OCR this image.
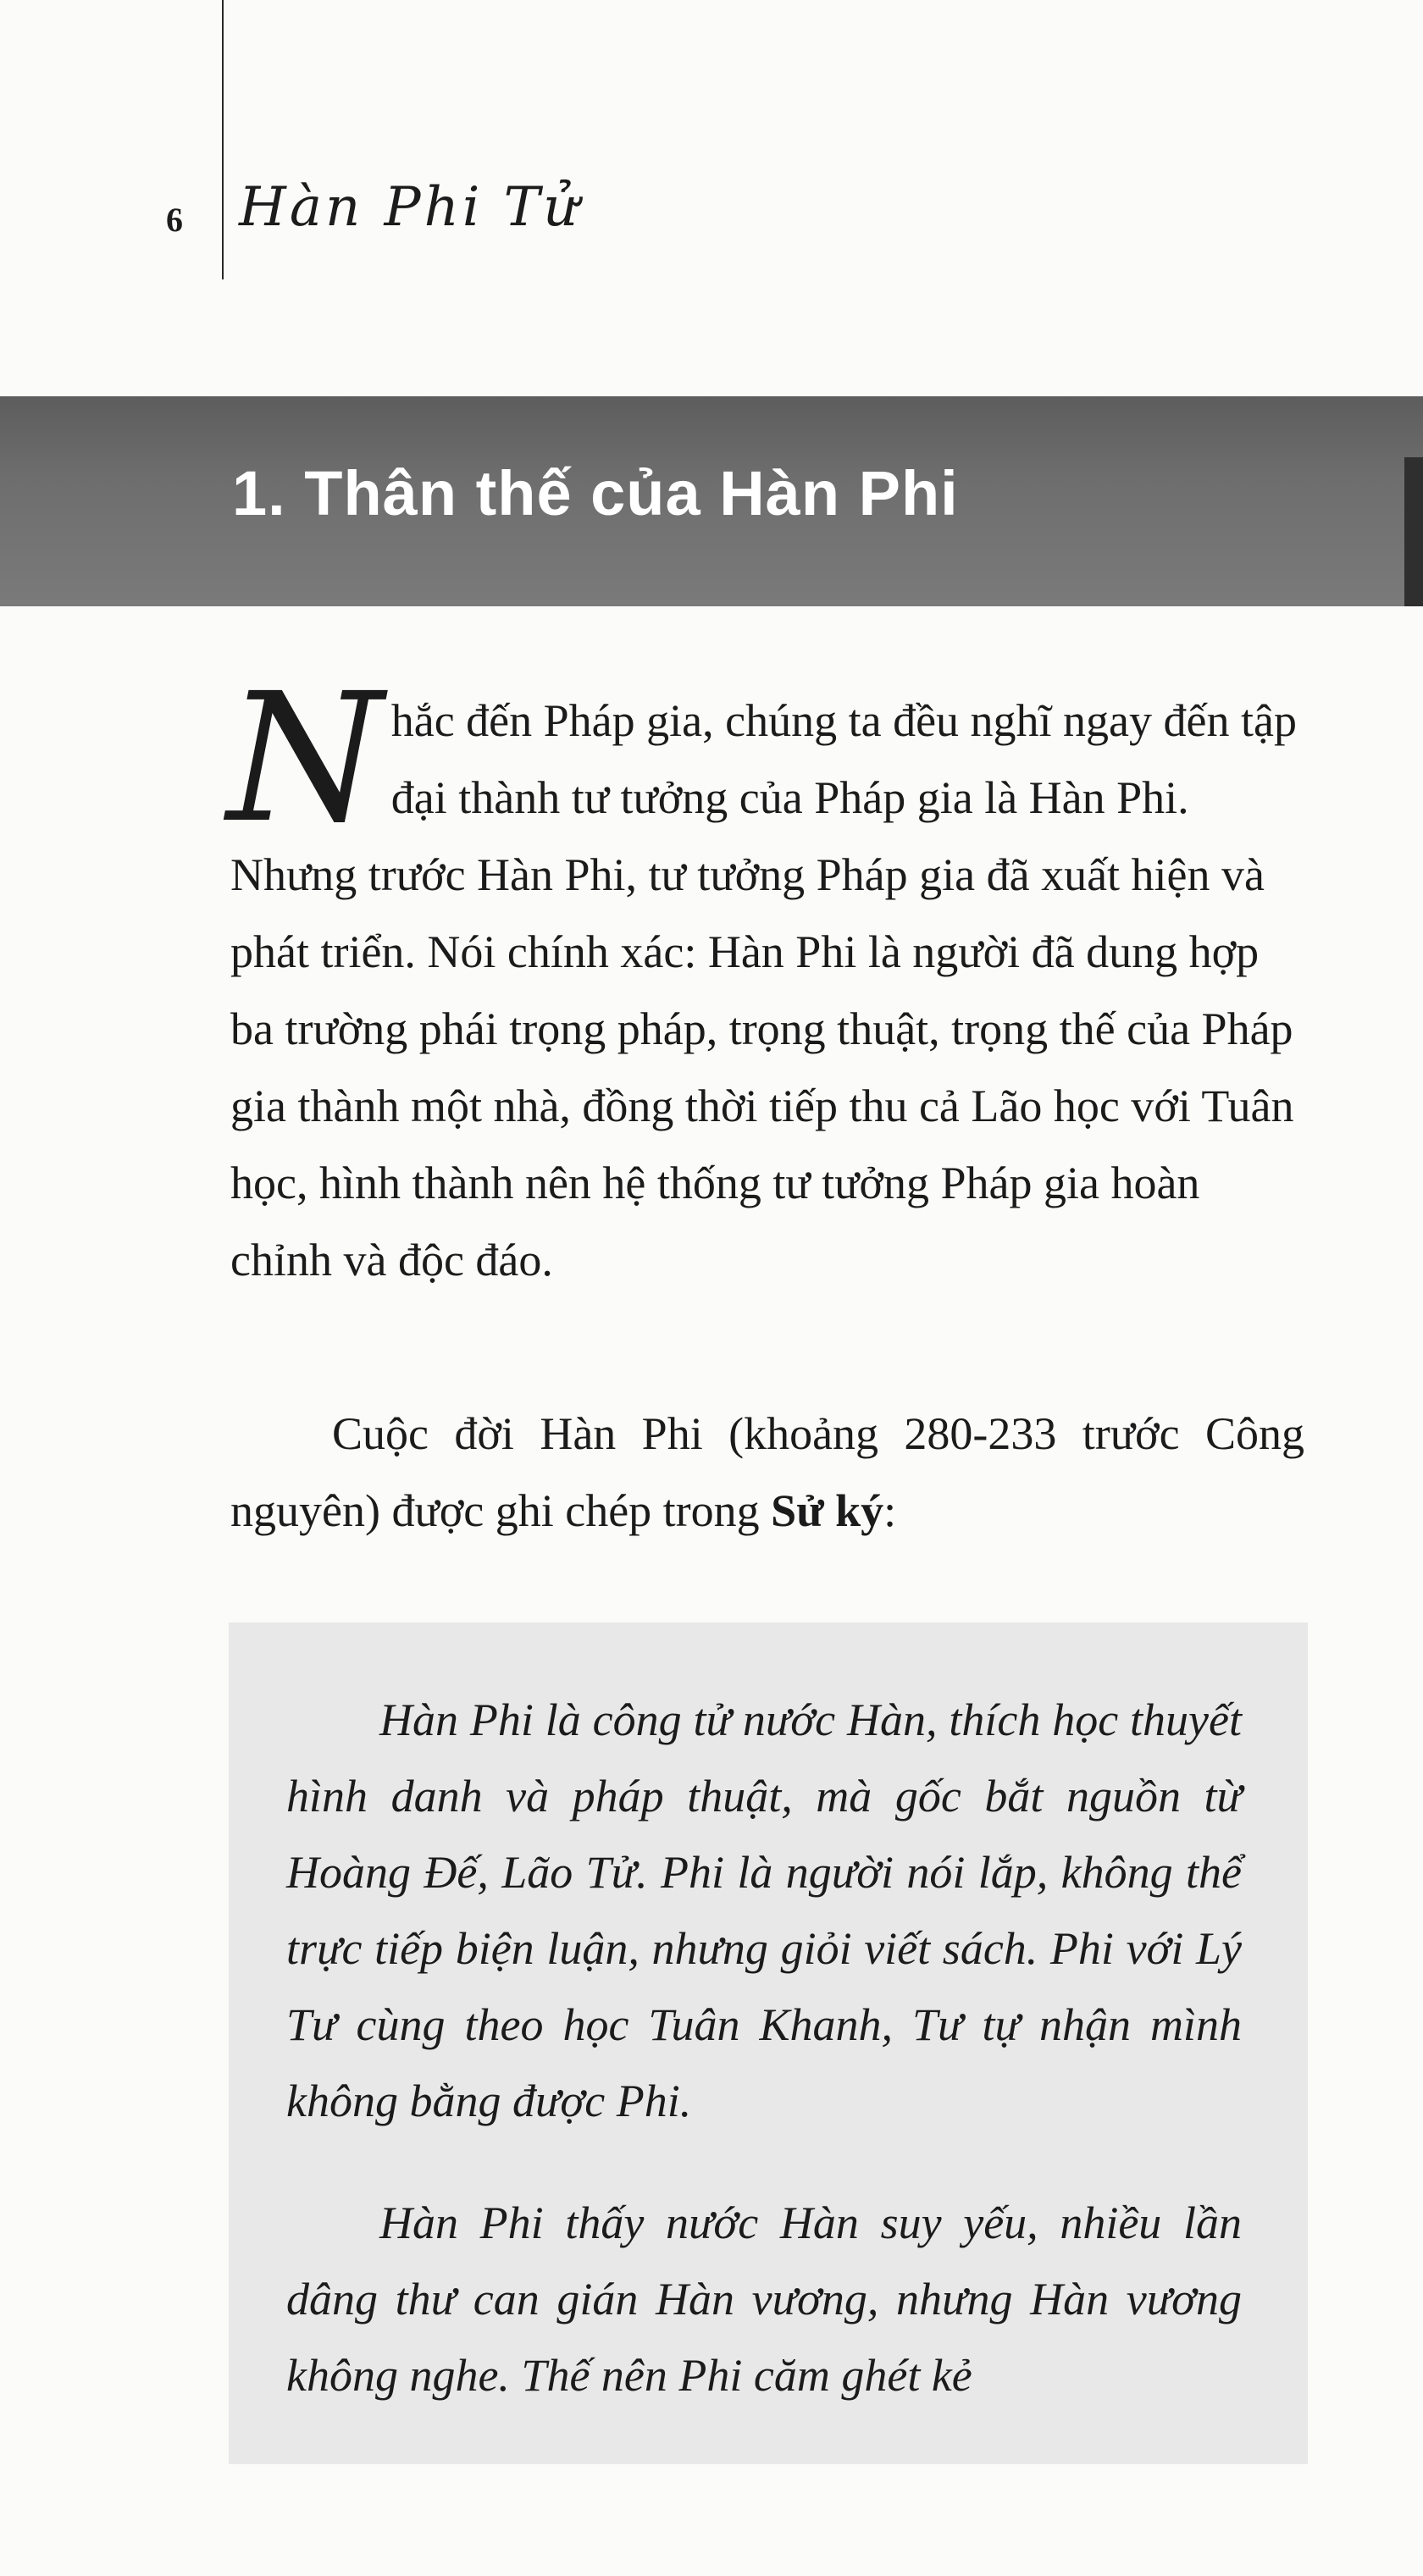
6 Hàn Phi Tử
1. Thân thế của Hàn Phi
N hắc đến Pháp gia, chúng ta đều nghĩ ngay đến tập đại thành tư tưởng của Pháp gia là Hàn Phi. Nhưng trước Hàn Phi, tư tưởng Pháp gia đã xuất hiện và phát triển. Nói chính xác: Hàn Phi là người đã dung hợp ba trường phái trọng pháp, trọng thuật, trọng thế của Pháp gia thành một nhà, đồng thời tiếp thu cả Lão học với Tuân học, hình thành nên hệ thống tư tưởng Pháp gia hoàn chỉnh và độc đáo.
Cuộc đời Hàn Phi (khoảng 280-233 trước Công nguyên) được ghi chép trong Sử ký:
Hàn Phi là công tử nước Hàn, thích học thuyết hình danh và pháp thuật, mà gốc bắt nguồn từ Hoàng Đế, Lão Tử. Phi là người nói lắp, không thể trực tiếp biện luận, nhưng giỏi viết sách. Phi với Lý Tư cùng theo học Tuân Khanh, Tư tự nhận mình không bằng được Phi.
Hàn Phi thấy nước Hàn suy yếu, nhiều lần dâng thư can gián Hàn vương, nhưng Hàn vương không nghe. Thế nên Phi căm ghét kẻ
